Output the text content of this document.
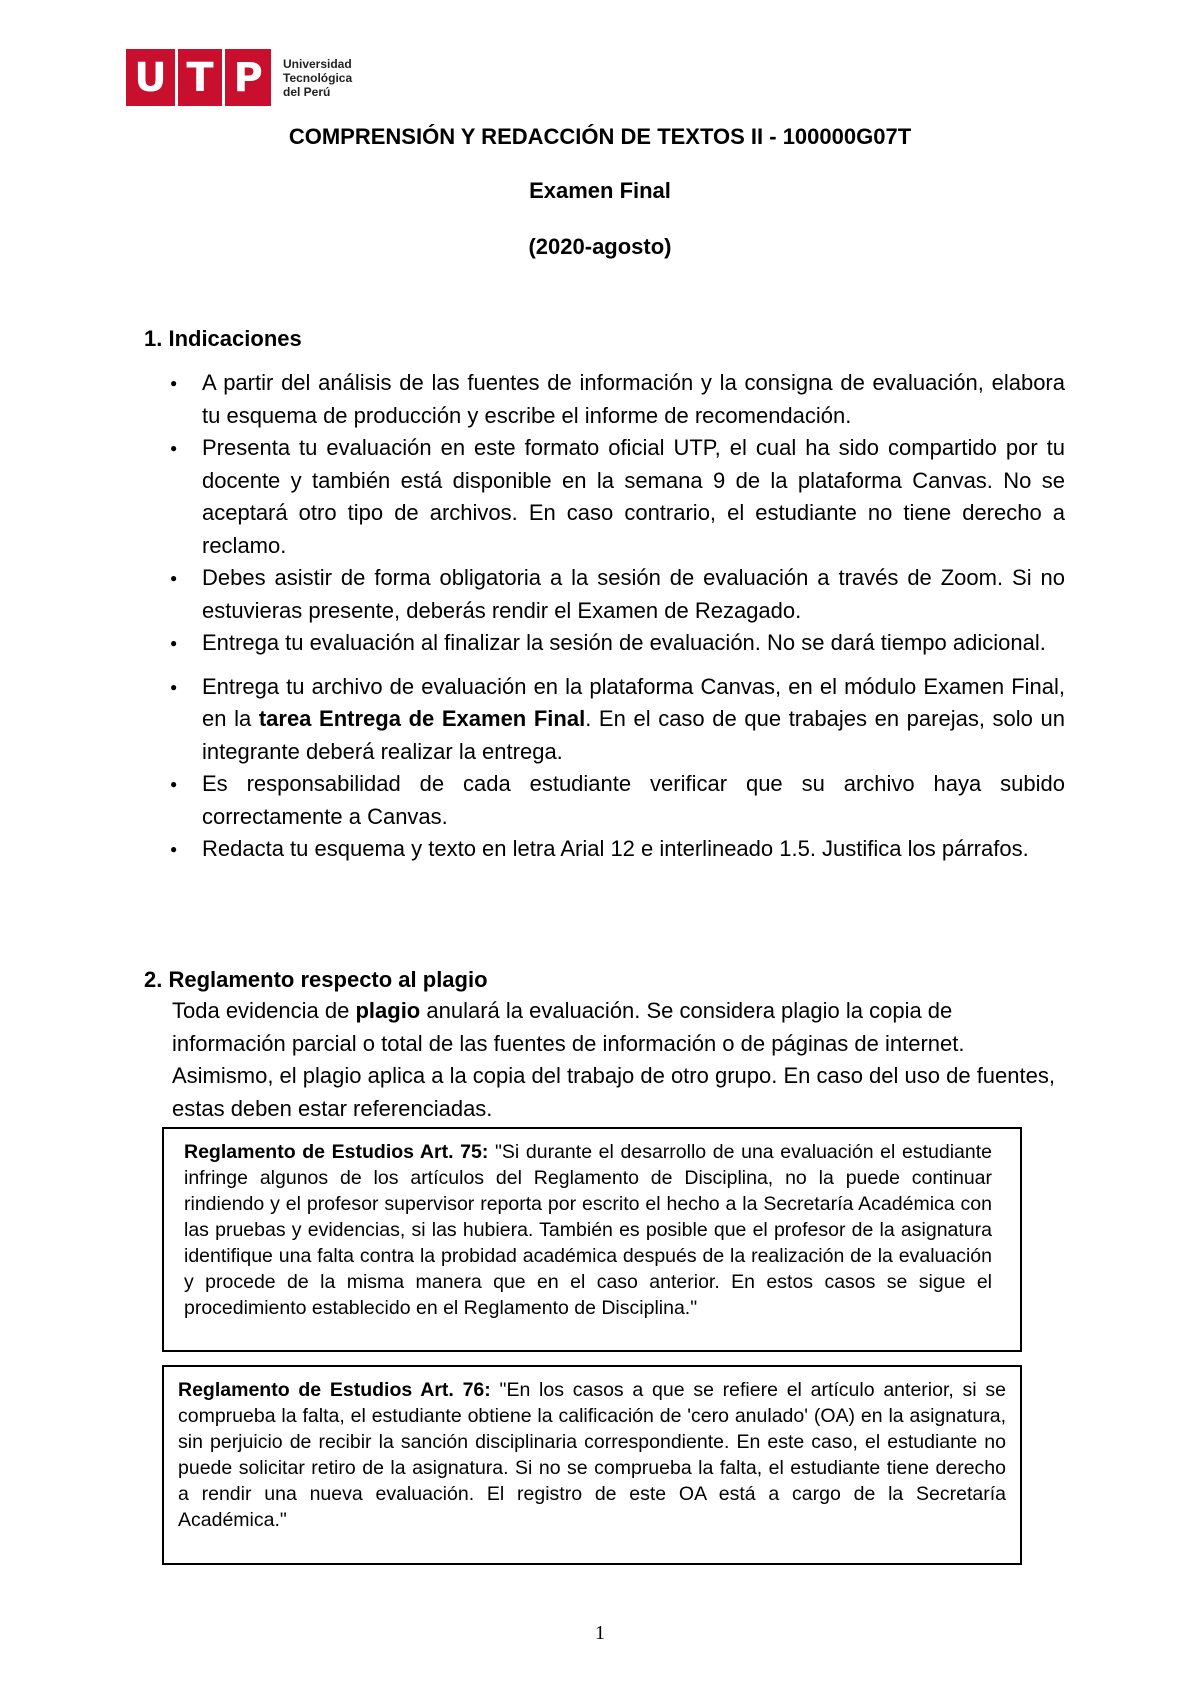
U T P Universidad
Tecnológica
del Perú
COMPRENSIÓN Y REDACCIÓN DE TEXTOS II - 100000G07T
Examen Final
(2020-agosto)
1. Indicaciones
● A partir del análisis de las fuentes de información y la consigna de evaluación, elabora tu esquema de producción y escribe el informe de recomendación.
● Presenta tu evaluación en este formato oficial UTP, el cual ha sido compartido por tu docente y también está disponible en la semana 9 de la plataforma Canvas. No se aceptará otro tipo de archivos. En caso contrario, el estudiante no tiene derecho a reclamo.
● Debes asistir de forma obligatoria a la sesión de evaluación a través de Zoom. Si no estuvieras presente, deberás rendir el Examen de Rezagado.
● Entrega tu evaluación al finalizar la sesión de evaluación. No se dará tiempo adicional.
● Entrega tu archivo de evaluación en la plataforma Canvas, en el módulo Examen Final, en la tarea Entrega de Examen Final. En el caso de que trabajes en parejas, solo un integrante deberá realizar la entrega.
● Es responsabilidad de cada estudiante verificar que su archivo haya subido correctamente a Canvas.
● Redacta tu esquema y texto en letra Arial 12 e interlineado 1.5. Justifica los párrafos.
2. Reglamento respecto al plagio
Toda evidencia de plagio anulará la evaluación. Se considera plagio la copia de información parcial o total de las fuentes de información o de páginas de internet. Asimismo, el plagio aplica a la copia del trabajo de otro grupo. En caso del uso de fuentes, estas deben estar referenciadas.
Reglamento de Estudios Art. 75: "Si durante el desarrollo de una evaluación el estudiante infringe algunos de los artículos del Reglamento de Disciplina, no la puede continuar rindiendo y el profesor supervisor reporta por escrito el hecho a la Secretaría Académica con las pruebas y evidencias, si las hubiera. También es posible que el profesor de la asignatura identifique una falta contra la probidad académica después de la realización de la evaluación y procede de la misma manera que en el caso anterior. En estos casos se sigue el procedimiento establecido en el Reglamento de Disciplina."
Reglamento de Estudios Art. 76: "En los casos a que se refiere el artículo anterior, si se comprueba la falta, el estudiante obtiene la calificación de 'cero anulado' (OA) en la asignatura, sin perjuicio de recibir la sanción disciplinaria correspondiente. En este caso, el estudiante no puede solicitar retiro de la asignatura. Si no se comprueba la falta, el estudiante tiene derecho a rendir una nueva evaluación. El registro de este OA está a cargo de la Secretaría Académica."
1
